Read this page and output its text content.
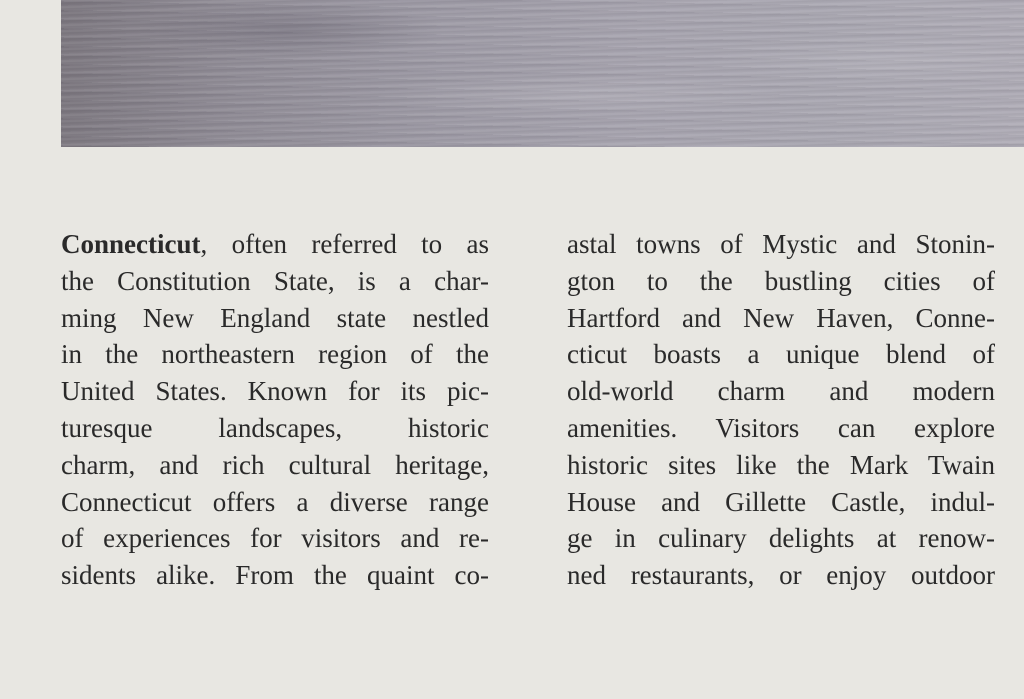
Connecticut, often referred to as
the Constitution State, is a char-
ming New England state nestled
in the northeastern region of the
United States. Known for its pic-
turesque landscapes, historic
charm, and rich cultural heritage,
Connecticut offers a diverse range
of experiences for visitors and re-
sidents alike. From the quaint co-
astal towns of Mystic and Stonin-
gton to the bustling cities of
Hartford and New Haven, Conne-
cticut boasts a unique blend of
old-world charm and modern
amenities. Visitors can explore
historic sites like the Mark Twain
House and Gillette Castle, indul-
ge in culinary delights at renow-
ned restaurants, or enjoy outdoor
